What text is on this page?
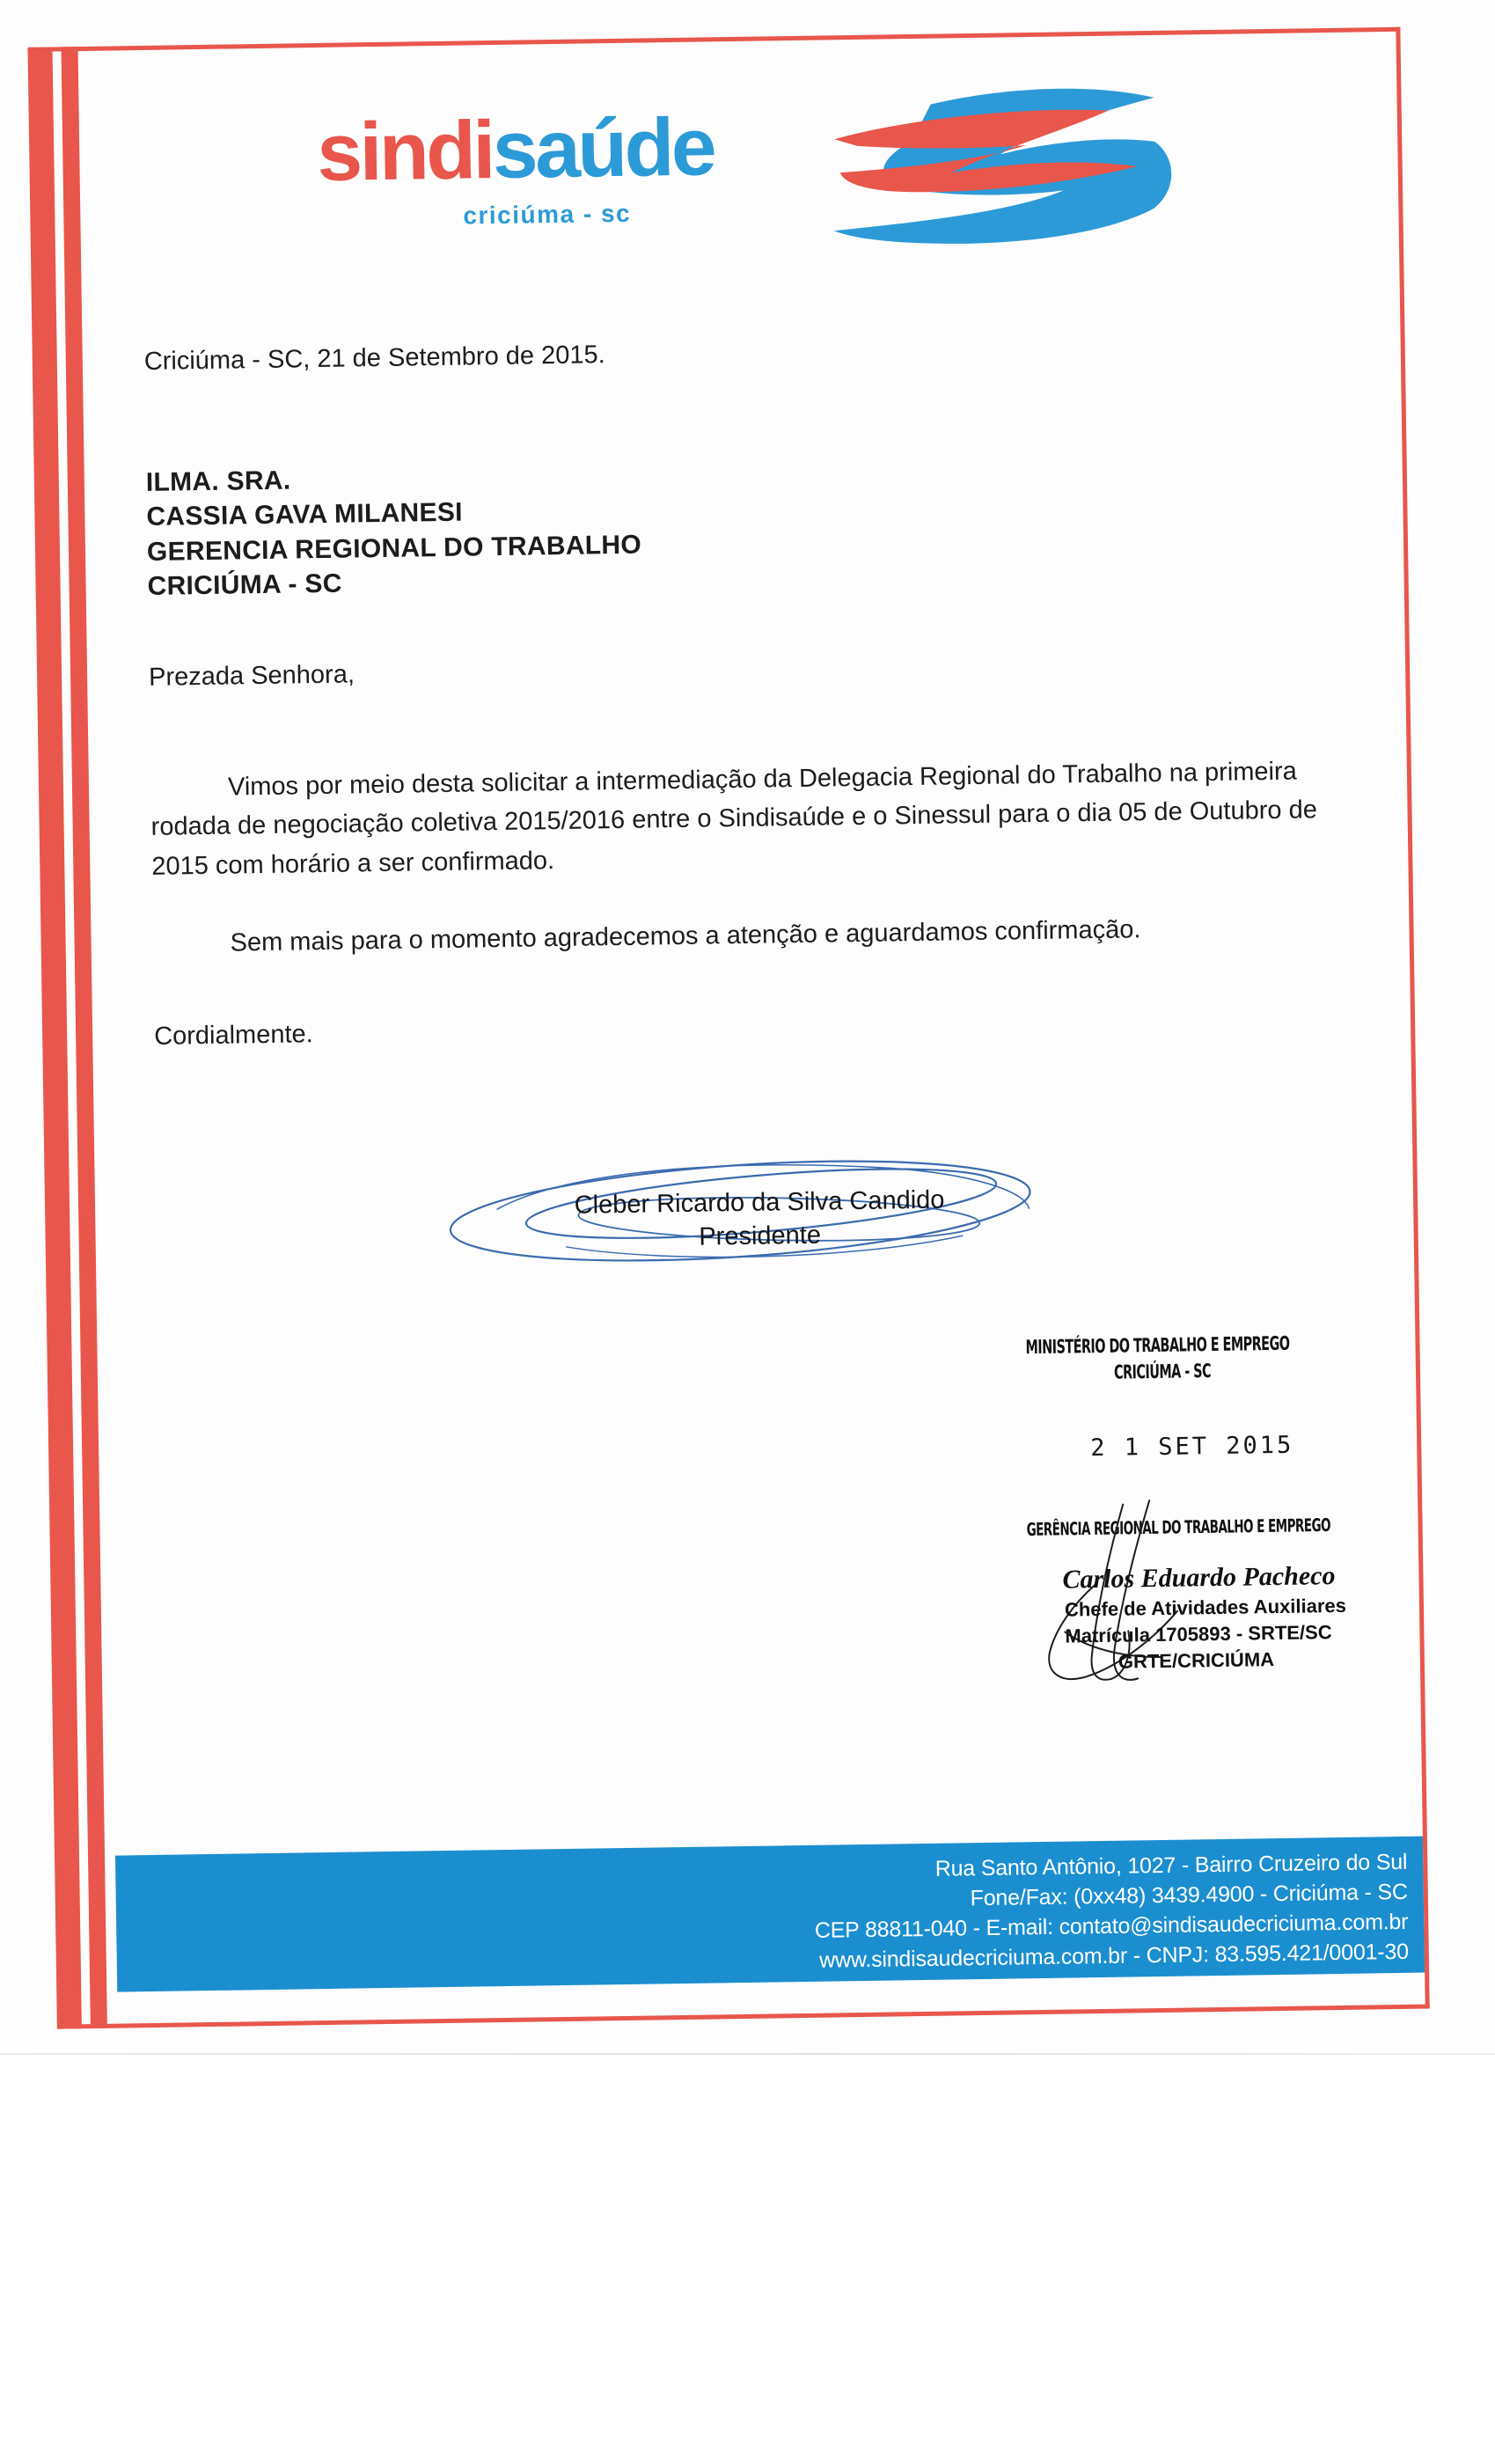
sindisaúde
criciúma - sc
Criciúma - SC, 21 de Setembro de 2015.
ILMA. SRA.
CASSIA GAVA MILANESI
GERENCIA REGIONAL DO TRABALHO
CRICIÚMA - SC
Prezada Senhora,

Vimos por meio desta solicitar a intermediação da Delegacia Regional do Trabalho na primeira rodada de negociação coletiva 2015/2016 entre o Sindisaúde e o Sinessul para o dia 05 de Outubro de 2015 com horário a ser confirmado.

Sem mais para o momento agradecemos a atenção e aguardamos confirmação.

Cordialmente.
Cleber Ricardo da Silva Candido
Presidente
MINISTÉRIO DO TRABALHO E EMPREGO
CRICIÚMA - SC
2 1 SET 2015
GERÊNCIA REGIONAL DO TRABALHO E EMPREGO
Carlos Eduardo Pacheco
Chefe de Atividades Auxiliares
Matrícula 1705893 - SRTE/SC
GRTE/CRICIÚMA
Rua Santo Antônio, 1027 - Bairro Cruzeiro do Sul
Fone/Fax: (0xx48) 3439.4900 - Criciúma - SC
CEP 88811-040 - E-mail: contato@sindisaudecriciuma.com.br
www.sindisaudecriciuma.com.br - CNPJ: 83.595.421/0001-30
